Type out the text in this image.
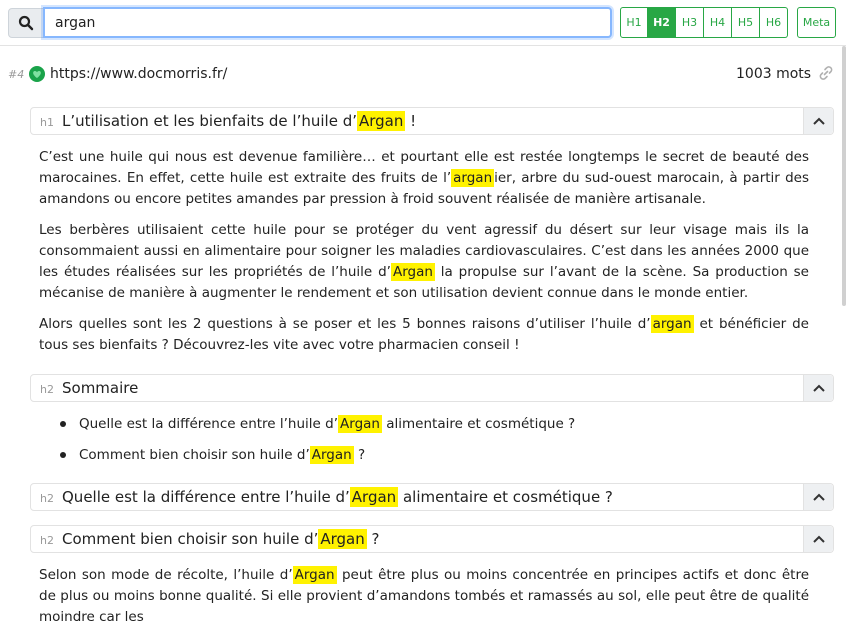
argan
H1	H2	H3	H4	H5	H6	Meta
#4 https://www.docmorris.fr/	1003 mots
h1 L’utilisation et les bienfaits de l’huile d’ Argan !
C’est une huile qui nous est devenue familière… et pourtant elle est restée longtemps le secret de beauté des marocaines. En effet, cette huile est extraite des fruits de l’ argan ier, arbre du sud-ouest marocain, à partir des amandons ou encore petites amandes par pression à froid souvent réalisée de manière artisanale.
Les berbères utilisaient cette huile pour se protéger du vent agressif du désert sur leur visage mais ils la consommaient aussi en alimentaire pour soigner les maladies cardiovasculaires. C’est dans les années 2000 que les études réalisées sur les propriétés de l’huile d’ Argan la propulse sur l’avant de la scène. Sa production se mécanise de manière à augmenter le rendement et son utilisation devient connue dans le monde entier.
Alors quelles sont les 2 questions à se poser et les 5 bonnes raisons d’utiliser l’huile d’ argan et bénéficier de tous ses bienfaits ? Découvrez-les vite avec votre pharmacien conseil !
h2 Sommaire
Quelle est la différence entre l’huile d’ Argan alimentaire et cosmétique ?
Comment bien choisir son huile d’ Argan ?
h2 Quelle est la différence entre l’huile d’ Argan alimentaire et cosmétique ?
h2 Comment bien choisir son huile d’ Argan ?
Selon son mode de récolte, l’huile d’ Argan peut être plus ou moins concentrée en principes actifs et donc être de plus ou moins bonne qualité. Si elle provient d’amandons tombés et ramassés au sol, elle peut être de qualité moindre car les
